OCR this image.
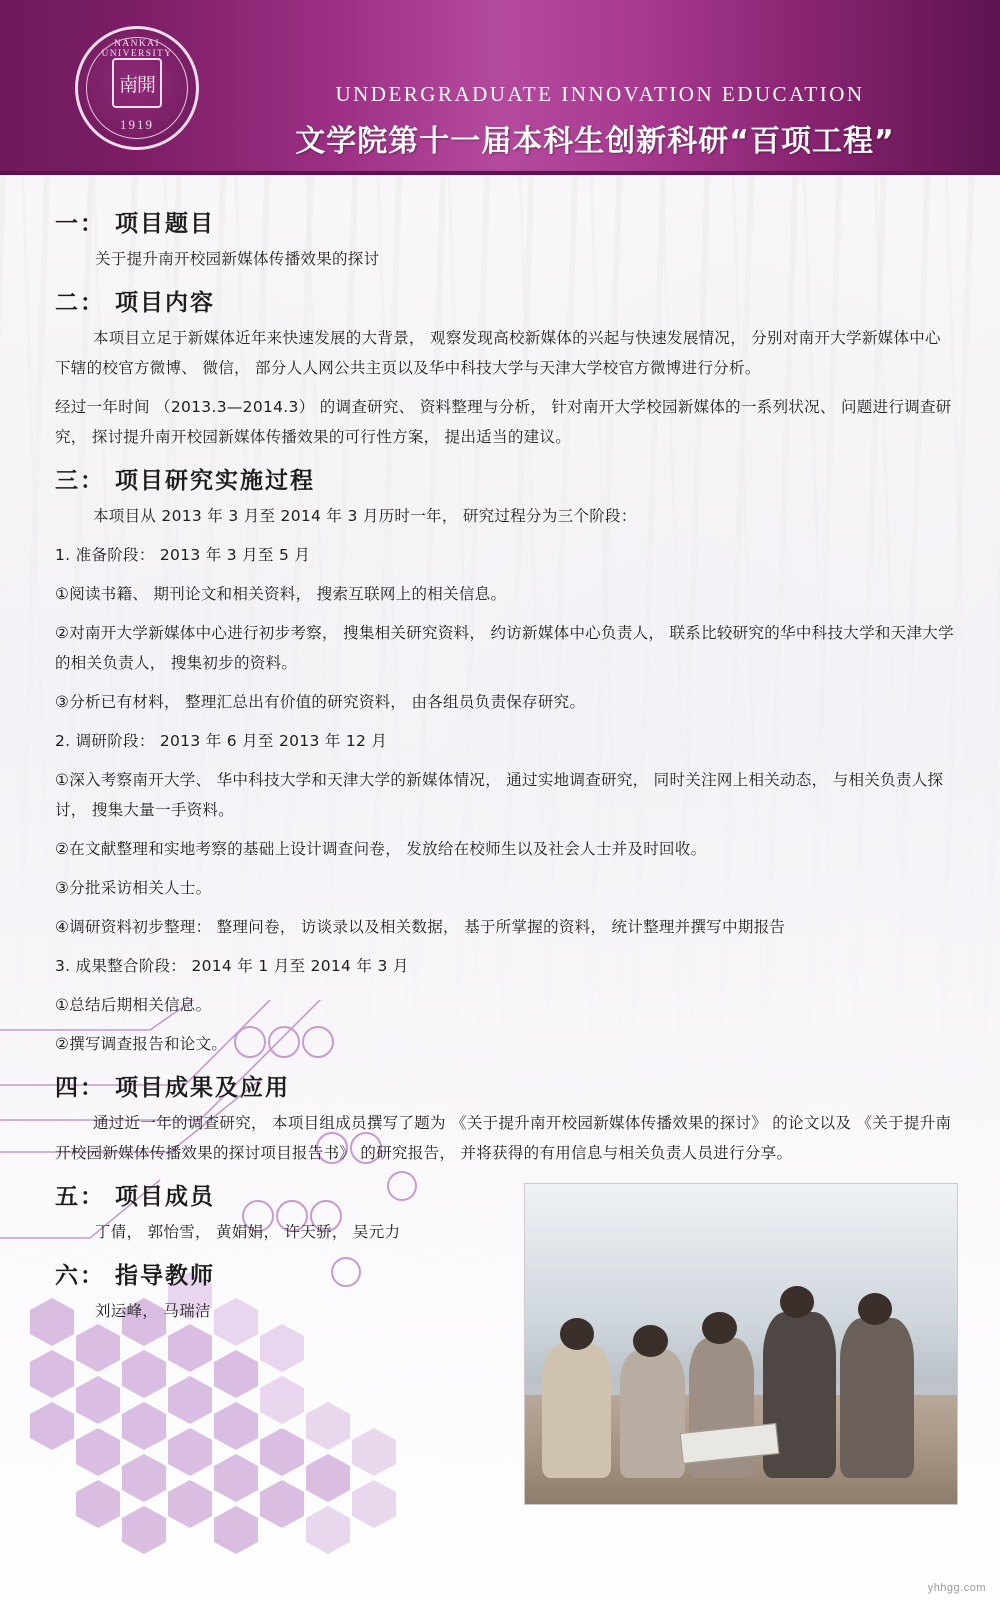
NANKAI UNIVERSITY
南開
1919
UNDERGRADUATE INNOVATION EDUCATION
文学院第十一届本科生创新科研“百项工程”
一： 项目题目

关于提升南开校园新媒体传播效果的探讨

二： 项目内容

本项目立足于新媒体近年来快速发展的大背景， 观察发现高校新媒体的兴起与快速发展情况， 分别对南开大学新媒体中心下辖的校官方微博、 微信， 部分人人网公共主页以及华中科技大学与天津大学校官方微博进行分析。

经过一年时间 （2013.3—2014.3） 的调查研究、 资料整理与分析， 针对南开大学校园新媒体的一系列状况、 问题进行调查研究， 探讨提升南开校园新媒体传播效果的可行性方案， 提出适当的建议。

三： 项目研究实施过程

本项目从 2013 年 3 月至 2014 年 3 月历时一年， 研究过程分为三个阶段：

1. 准备阶段： 2013 年 3 月至 5 月

①阅读书籍、 期刊论文和相关资料， 搜索互联网上的相关信息。

②对南开大学新媒体中心进行初步考察， 搜集相关研究资料， 约访新媒体中心负责人， 联系比较研究的华中科技大学和天津大学的相关负责人， 搜集初步的资料。

③分析已有材料， 整理汇总出有价值的研究资料， 由各组员负责保存研究。

2. 调研阶段： 2013 年 6 月至 2013 年 12 月

①深入考察南开大学、 华中科技大学和天津大学的新媒体情况， 通过实地调查研究， 同时关注网上相关动态， 与相关负责人探讨， 搜集大量一手资料。

②在文献整理和实地考察的基础上设计调查问卷， 发放给在校师生以及社会人士并及时回收。

③分批采访相关人士。

④调研资料初步整理： 整理问卷， 访谈录以及相关数据， 基于所掌握的资料， 统计整理并撰写中期报告

3. 成果整合阶段： 2014 年 1 月至 2014 年 3 月

①总结后期相关信息。

②撰写调查报告和论文。

四： 项目成果及应用

通过近一年的调查研究， 本项目组成员撰写了题为 《关于提升南开校园新媒体传播效果的探讨》 的论文以及 《关于提升南开校园新媒体传播效果的探讨项目报告书》 的研究报告， 并将获得的有用信息与相关负责人员进行分享。

五： 项目成员

丁倩， 郭怡雪， 黄娟娟， 许天骄， 吴元力

六： 指导教师

刘运峰， 马瑞洁

yhhgg.com
